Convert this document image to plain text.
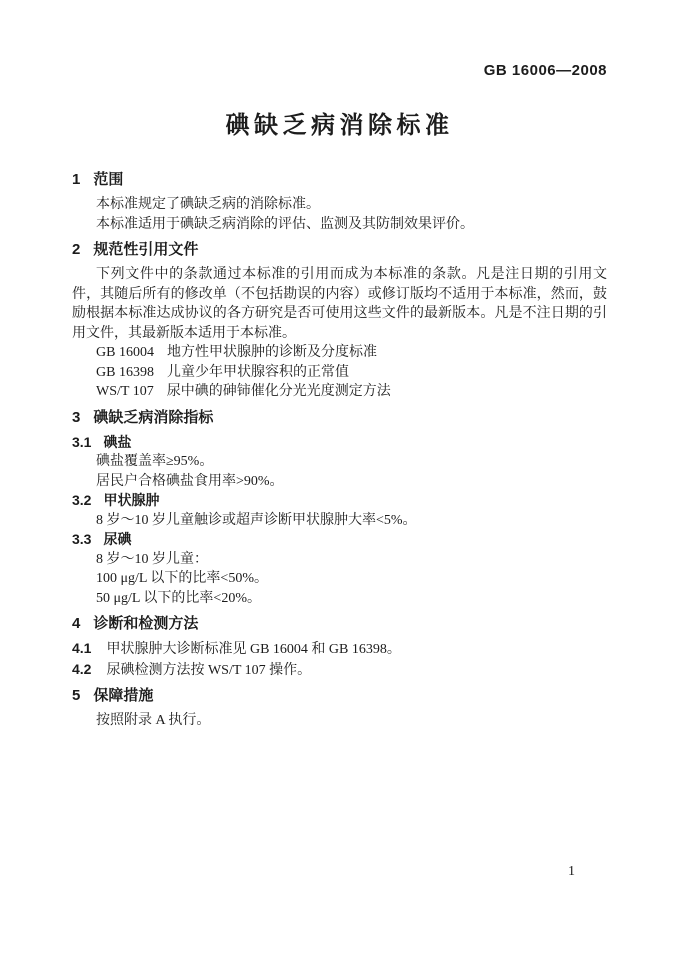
GB 16006—2008
碘缺乏病消除标准
1 范围

本标准规定了碘缺乏病的消除标准。

本标准适用于碘缺乏病消除的评估、监测及其防制效果评价。

2 规范性引用文件

下列文件中的条款通过本标准的引用而成为本标准的条款。凡是注日期的引用文件，其随后所有的修改单（不包括勘误的内容）或修订版均不适用于本标准，然而，鼓励根据本标准达成协议的各方研究是否可使用这些文件的最新版本。凡是不注日期的引用文件，其最新版本适用于本标准。

GB 16004 地方性甲状腺肿的诊断及分度标准
GB 16398 儿童少年甲状腺容积的正常值
WS/T 107 尿中碘的砷铈催化分光光度测定方法
3 碘缺乏病消除指标
3.1 碘盐

碘盐覆盖率≥95%。

居民户合格碘盐食用率>90%。

3.2 甲状腺肿

8 岁～10 岁儿童触诊或超声诊断甲状腺肿大率<5%。

3.3 尿碘

8 岁～10 岁儿童：

100 μg/L 以下的比率<50%。

50 μg/L 以下的比率<20%。

4 诊断和检测方法

4.1 甲状腺肿大诊断标准见 GB 16004 和 GB 16398。

4.2 尿碘检测方法按 WS/T 107 操作。

5 保障措施

按照附录 A 执行。

1
